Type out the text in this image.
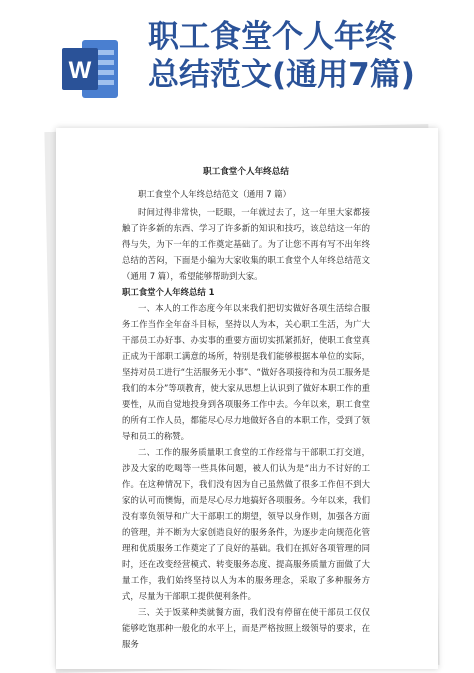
W
职工食堂个人年终
总结范文(通用7篇)
职工食堂个人年终总结

职工食堂个人年终总结范文（通用 7 篇）

时间过得非常快，一眨眼，一年就过去了，这一年里大家都接触了许多新的东西、学习了许多新的知识和技巧，该总结这一年的得与失，为下一年的工作奠定基础了。为了让您不再有写不出年终总结的苦闷，下面是小编为大家收集的职工食堂个人年终总结范文（通用 7 篇），希望能够帮助到大家。

职工食堂个人年终总结 1

一、本人的工作态度今年以来我们把切实做好各项生活综合服务工作当作全年奋斗目标，坚持以人为本，关心职工生活，为广大干部员工办好事、办实事的重要方面切实抓紧抓好，使职工食堂真正成为干部职工满意的场所，特别是我们能够根据本单位的实际，坚持对员工进行“生活服务无小事”、“做好各项接待和为员工服务是我们的本分”等项教育，使大家从思想上认识到了做好本职工作的重要性，从而自觉地投身到各项服务工作中去。今年以来，职工食堂的所有工作人员，都能尽心尽力地做好各自的本职工作，受到了领导和员工的称赞。

二、工作的服务质量职工食堂的工作经常与干部职工打交道，涉及大家的吃喝等一些具体问题，被人们认为是“出力不讨好的工作。在这种情况下，我们没有因为自己虽然做了很多工作但不到大家的认可而懊悔，而是尽心尽力地搞好各项服务。今年以来，我们没有辜负领导和广大干部职工的期望，领导以身作则，加强各方面的管理，并不断为大家创造良好的服务条件，为逐步走向规范化管理和优质服务工作奠定了了良好的基础。我们在抓好各项管理的同时，还在改变经营模式、转变服务态度、提高服务质量方面做了大量工作，我们始终坚持以人为本的服务理念，采取了多种服务方式，尽量为干部职工提供便利条件。

三、关于饭菜种类就餐方面，我们没有停留在使干部员工仅仅能够吃饱那种一般化的水平上，而是严格按照上级领导的要求，在服务
